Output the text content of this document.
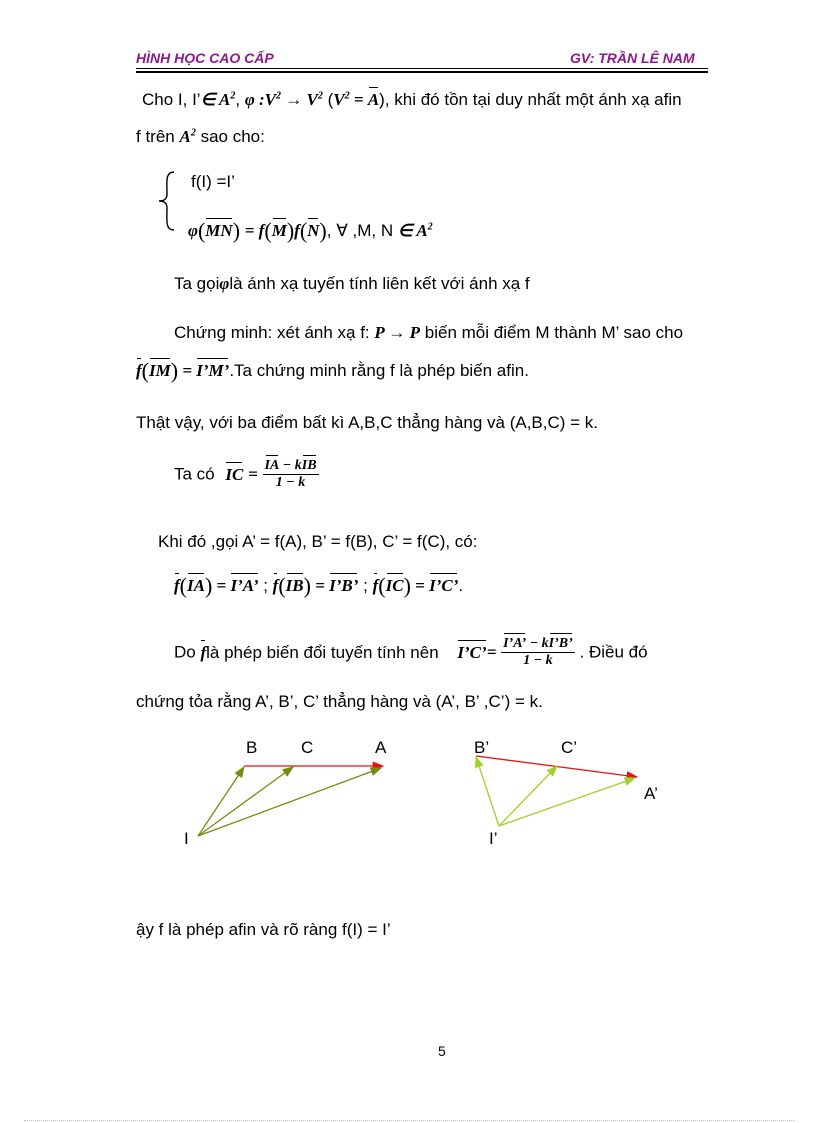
HÌNH HỌC CAO CẤP	GV: TRẦN LÊ NAM
Cho I, I’∈ $A^2$, φ $:V^2 \to V^2$ $(V^2 = A)$, khi đó tồn tại duy nhất một ánh xạ afin
f trên $A^2$ sao cho:
f(I) =I’
φ(MN) = f(M)f(N), ∀ ,M, N ∈ $A^2$
Ta gọiφlà ánh xạ tuyến tính liên kết với ánh xạ f
Chứng minh: xét ánh xạ f: P → P biến mỗi điểm M thành M’ sao cho
f(IM) = I’M’.Ta chứng minh rằng f là phép biến afin.
Thật vậy, với ba điểm bất kì A,B,C thẳng hàng và (A,B,C) = k.
Ta có IC = $\frac{\text{IA − kIB}}{1 - k}$
Khi đó ,gọi A’ = f(A), B’ = f(B), C’ = f(C), có:
f(IA) = I’A’ ; f(IB) = I’B’ ; f(IC) = I’C’.
Do flà phép biến đổi tuyến tính nên I’C’= $\frac{I’A’ - kI’B’}{1 - k}$ . Điều đó
chứng tỏa rằng A’, B’, C’ thẳng hàng và (A’, B’ ,C’) = k.
B	C	A
I
B’	C’
A’
I’
ậy f là phép afin và rõ ràng f(I) = I’
5
